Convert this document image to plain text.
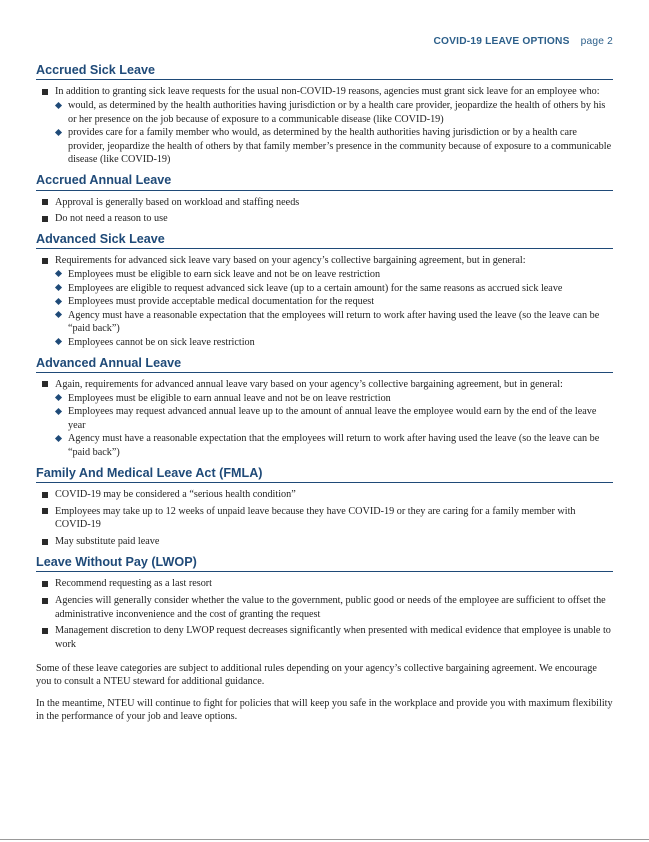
COVID-19 LEAVE OPTIONS page 2
Accrued Sick Leave
In addition to granting sick leave requests for the usual non-COVID-19 reasons, agencies must grant sick leave for an employee who:
would, as determined by the health authorities having jurisdiction or by a health care provider, jeopardize the health of others by his or her presence on the job because of exposure to a communicable disease (like COVID-19)
provides care for a family member who would, as determined by the health authorities having jurisdiction or by a health care provider, jeopardize the health of others by that family member’s presence in the community because of exposure to a communicable disease (like COVID-19)
Accrued Annual Leave
Approval is generally based on workload and staffing needs
Do not need a reason to use
Advanced Sick Leave
Requirements for advanced sick leave vary based on your agency’s collective bargaining agreement, but in general:
Employees must be eligible to earn sick leave and not be on leave restriction
Employees are eligible to request advanced sick leave (up to a certain amount) for the same reasons as accrued sick leave
Employees must provide acceptable medical documentation for the request
Agency must have a reasonable expectation that the employees will return to work after having used the leave (so the leave can be “paid back”)
Employees cannot be on sick leave restriction
Advanced Annual Leave
Again, requirements for advanced annual leave vary based on your agency’s collective bargaining agreement, but in general:
Employees must be eligible to earn annual leave and not be on leave restriction
Employees may request advanced annual leave up to the amount of annual leave the employee would earn by the end of the leave year
Agency must have a reasonable expectation that the employees will return to work after having used the leave (so the leave can be “paid back”)
Family And Medical Leave Act (FMLA)
COVID-19 may be considered a “serious health condition”
Employees may take up to 12 weeks of unpaid leave because they have COVID-19 or they are caring for a family member with COVID-19
May substitute paid leave
Leave Without Pay (LWOP)
Recommend requesting as a last resort
Agencies will generally consider whether the value to the government, public good or needs of the employee are sufficient to offset the administrative inconvenience and the cost of granting the request
Management discretion to deny LWOP request decreases significantly when presented with medical evidence that employee is unable to work

Some of these leave categories are subject to additional rules depending on your agency’s collective bargaining agreement. We encourage you to consult a NTEU steward for additional guidance.

In the meantime, NTEU will continue to fight for policies that will keep you safe in the workplace and provide you with maximum flexibility in the performance of your job and leave options.
